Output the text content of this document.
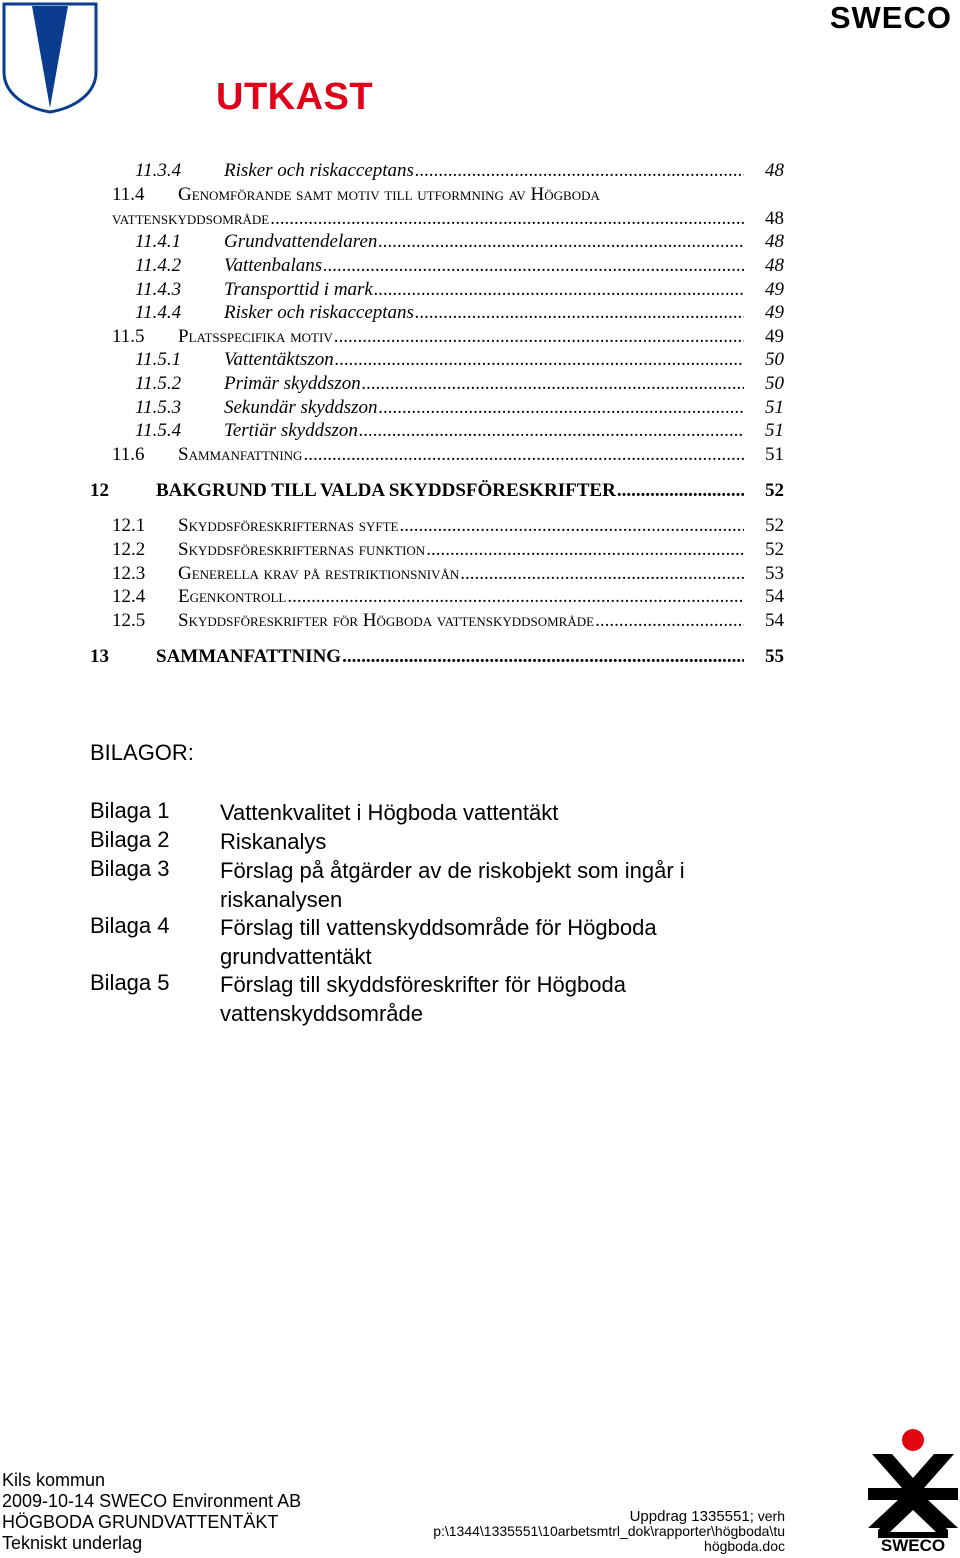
SWECO
UTKAST
11.3.4 Risker och riskacceptans .....	48
11.4 Genomförande samt motiv till utformning av Högboda
vattenskyddsområde .....	48
11.4.1 Grundvattendelaren .....	48
11.4.2 Vattenbalans .....	48
11.4.3 Transporttid i mark .....	49
11.4.4 Risker och riskacceptans .....	49
11.5 Platsspecifika motiv .....	49
11.5.1 Vattentäktszon .....	50
11.5.2 Primär skyddszon .....	50
11.5.3 Sekundär skyddszon .....	51
11.5.4 Tertiär skyddszon .....	51
11.6 Sammanfattning .....	51
12 BAKGRUND TILL VALDA SKYDDSFÖRESKRIFTER .....	52
12.1 Skyddsföreskrifternas syfte .....	52
12.2 Skyddsföreskrifternas funktion .....	52
12.3 Generella krav på restriktionsnivån .....	53
12.4 Egenkontroll .....	54
12.5 Skyddsföreskrifter för Högboda vattenskyddsområde .....	54
13 SAMMANFATTNING .....	55
BILAGOR:
Bilaga 1 Vattenkvalitet i Högboda vattentäkt
Bilaga 2 Riskanalys
Bilaga 3 Förslag på åtgärder av de riskobjekt som ingår i riskanalysen
Bilaga 4 Förslag till vattenskyddsområde för Högboda grundvattentäkt
Bilaga 5 Förslag till skyddsföreskrifter för Högboda vattenskyddsområde
Kils kommun
2009-10-14 SWECO Environment AB
HÖGBODA GRUNDVATTENTÄKT
Tekniskt underlag
Uppdrag 1335551; verh
p:\1344\1335551\10arbetsmtrl_dok\rapporter\högboda\tu
högboda.doc	SWECO
